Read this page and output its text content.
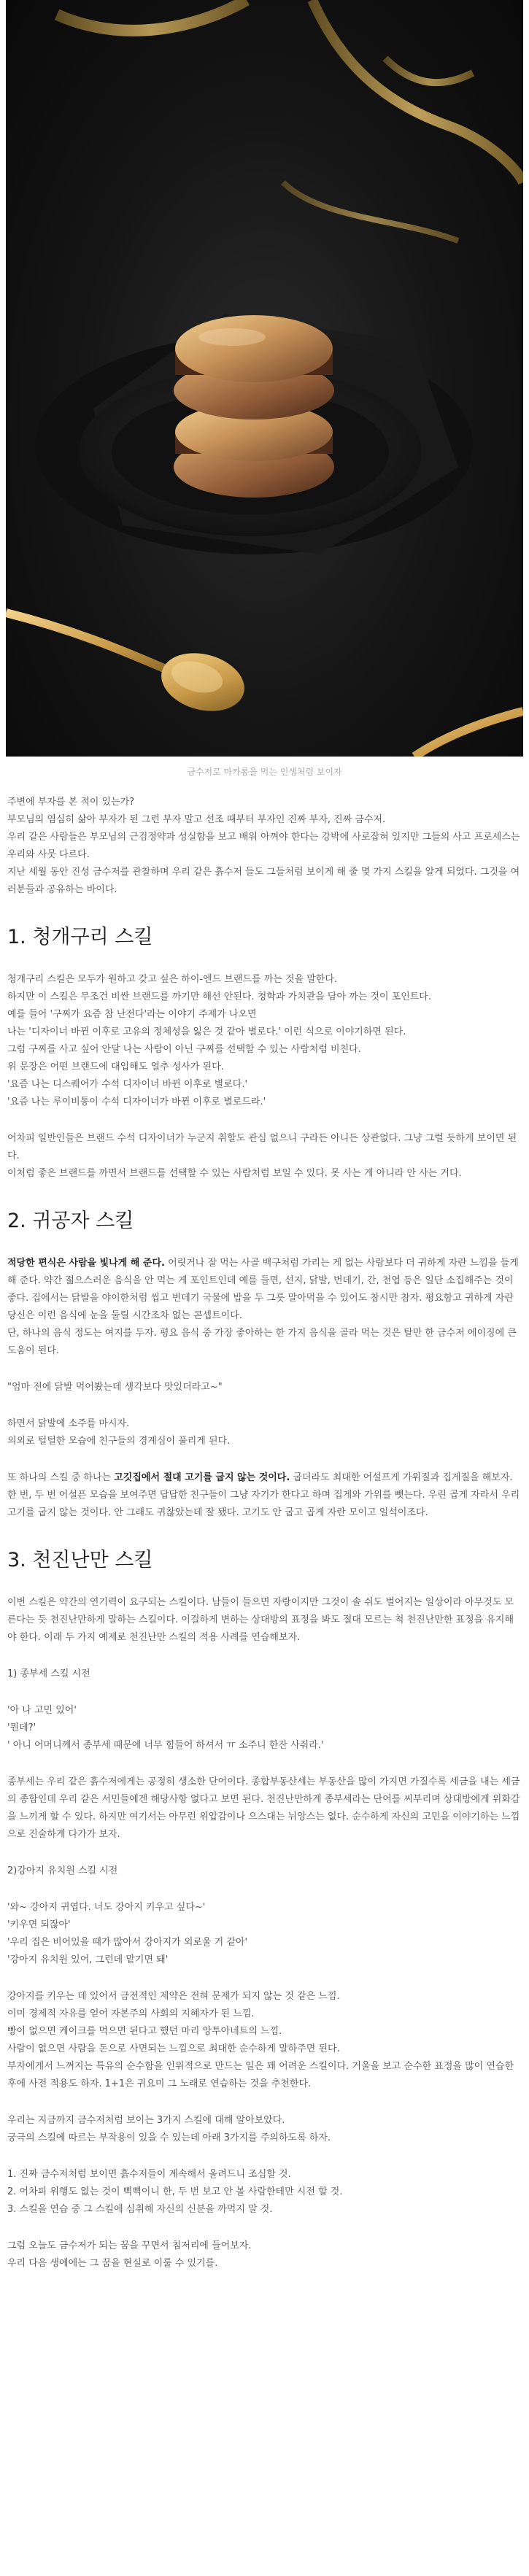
금수저로 마카롱을 먹는 인생처럼 보이자

주변에 부자를 본 적이 있는가?

부모님의 염심히 삶아 부자가 된 그런 부자 말고 선조 때부터 부자인 진짜 부자, 진짜 금수저.

우리 같은 사람들은 부모님의 근검정약과 성실함을 보고 배워 아껴야 한다는 강박에 사로잡혀 있지만 그들의 사고 프로세스는 우리와 사뭇 다르다.

지난 세월 동안 진성 금수저를 관찰하며 우리 같은 흙수저 들도 그들처럼 보이게 해 줄 몇 가지 스킬을 알게 되었다. 그것을 여러분들과 공유하는 바이다.

1. 청개구리 스킬

청개구리 스킬은 모두가 원하고 갖고 싶은 하이-엔드 브랜드를 까는 것을 말한다.

하지만 이 스킬은 무조건 비싼 브랜드를 까기만 해선 안된다. 청학과 가치관을 담아 까는 것이 포인트다.

예를 들어 '구찌가 요즘 참 난전다'라는 이야기 주제가 나오면

나는 '디자이너 바뀐 이후로 고유의 정체성을 잃은 것 같아 별로다.' 이런 식으로 이야기하면 된다.

그럼 구찌를 사고 싶어 안달 나는 사람이 아닌 구찌를 선택할 수 있는 사람처럼 비친다.

위 문장은 어떤 브랜드에 대입해도 얼추 성사가 된다.

'요즘 나는 디스퀘어가 수석 디자이너 바뀐 이후로 별로다.'

'요즘 나는 루이비통이 수석 디자이너가 바뀐 이후로 별로드라.'

어차피 일반인들은 브랜드 수석 디자이너가 누군지 취할도 관심 없으니 구라든 아니든 상관없다. 그냥 그럴 듯하게 보이면 된다.

이처럼 좋은 브랜드를 까면서 브랜드를 선택할 수 있는 사람처럼 보일 수 있다. 못 사는 게 아니라 안 사는 거다.

2. 귀공자 스킬

적당한 편식은 사람을 빛나게 해 준다. 어릿거나 잘 먹는 사골 백구처럼 가리는 게 없는 사람보다 더 귀하게 자란 느낌을 들게 해 준다. 약간 젊으스러운 음식을 안 먹는 게 포인트인데 예를 들면, 선지, 닭발, 번데기, 간, 천엽 등은 일단 소집해주는 것이 좋다. 집에서는 닭발을 야이한처럼 씹고 번데기 국물에 밥을 두 그릇 말아먹을 수 있어도 참시만 참자. 평요함고 귀하게 자란 당신은 이런 음식에 눈을 둘릴 시간조차 없는 콘셉트이다.

단, 하나의 음식 정도는 여지를 두자. 평요 음식 중 가장 좋아하는 한 가지 음식을 골라 먹는 것은 탈만 한 금수저 에이징에 큰 도움이 된다.

"엄마 전에 닭발 먹어봤는데 생각보다 맛있더라고~"

하면서 닭발에 소주를 마시자.

의외로 털털한 모습에 친구들의 경계심이 풀리게 된다.

또 하나의 스킬 중 하나는 고깃집에서 절대 고기를 굽지 않는 것이다. 굽더라도 최대한 어설프게 가위질과 집게질을 해보자. 한 번, 두 번 어설픈 모습을 보여주면 답답한 친구들이 그냥 자기가 한다고 하며 집게와 가위를 뺏는다. 우린 곱게 자라서 우리 고기를 굽지 않는 것이다. 안 그래도 귀찮았는데 잘 됐다. 고기도 안 굽고 곱게 자란 모이고 일석이조다.

3. 천진난만 스킬

이번 스킬은 약간의 연기력이 요구되는 스킬이다. 남들이 들으면 자랑이지만 그것이 솔 쉬도 벌어지는 일상이라 아무것도 모른다는 듯 천진난만하게 말하는 스킬이다. 이걸하게 변하는 상대방의 표정을 봐도 절대 모르는 척 천진난만한 표정을 유지해야 한다. 이래 두 가지 예제로 천진난만 스킬의 적용 사례를 연습해보자.

1) 종부세 스킬 시전

'아 나 고민 있어'

'뭔데?'

' 아니 어머니께서 종부세 때문에 너무 힘들어 하셔서 ㅠ 소주니 한잔 사줘라.'

종부세는 우리 같은 흙수저에게는 공정히 생소한 단어이다. 종합부동산세는 부동산을 많이 가지면 가질수록 세금을 내는 세금의 종합인데 우리 같은 서민들에겐 해당사항 없다고 보면 된다. 천진난만하게 종부세라는 단어를 씨부리며 상대방에게 위화감을 느끼게 할 수 있다. 하지만 여기서는 아무런 위압감이나 으스대는 뉘앙스는 없다. 순수하게 자신의 고민을 이야기하는 느낌으로 진술하게 다가가 보자.

2)강아지 유치원 스킬 시전

'와~ 강아지 귀엽다. 너도 강아지 키우고 싶다~'

'키우면 되잖아'

'우리 집은 비어있을 때가 많아서 강아지가 외로울 거 같아'

'강아지 유치원 있어, 그런데 맡기면 돼'

강아지를 키우는 데 있어서 금전적인 제약은 전혀 문제가 되지 않는 것 같은 느낌.

이미 경제적 자유를 얻어 자본주의 사회의 지혜자가 된 느낌.

빵이 없으면 케이크를 먹으면 된다고 했던 마리 앙투아네트의 느낌.

사람이 없으면 사람을 돈으로 사면되는 느낌으로 최대한 순수하게 말하주면 된다.

부자에게서 느껴지는 특유의 순수함을 인위적으로 만드는 일은 꽤 어려운 스킬이다. 거울을 보고 순수한 표정을 많이 연습한 후에 사전 적용도 하자. 1+1은 귀요미 그 노래로 연습하는 것을 추천한다.

우리는 지금까지 금수저처럼 보이는 3가지 스킬에 대해 알아보았다.

궁극의 스킬에 따르는 부작용이 있을 수 있는데 아래 3가지를 주의하도록 하자.

1. 진짜 금수저처럼 보이면 흙수저들이 계속해서 올려드니 조심할 것.

2. 어차피 위행도 없는 것이 뻑뻑이니 한, 두 번 보고 안 볼 사람한테만 시전 할 것.

3. 스킬을 연습 중 그 스킬에 심취해 자신의 신분을 까먹지 말 것.

그럼 오늘도 금수저가 되는 꿈을 꾸면서 침저리에 들어보자.

우리 다음 생에에는 그 꿈을 현실로 이룰 수 있기를.
